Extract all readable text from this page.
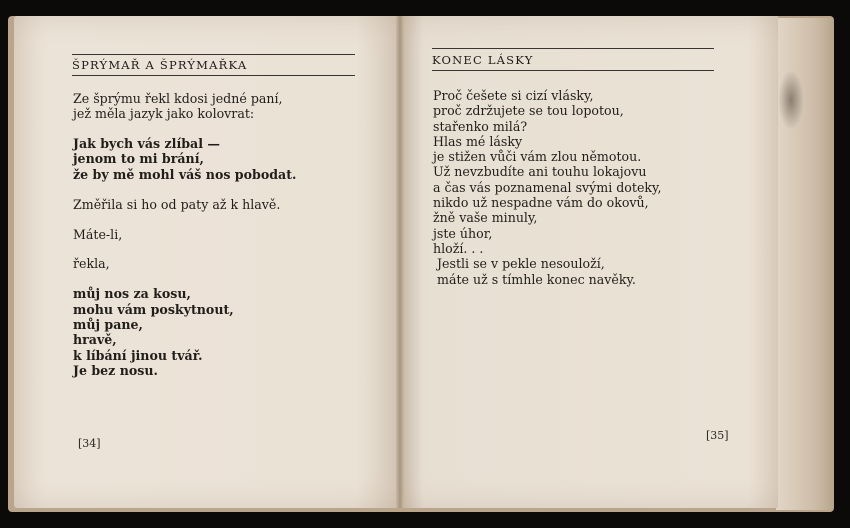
ŠPRÝMAŘ A ŠPRÝMAŘKA
Ze šprýmu řekl kdosi jedné paní,
jež měla jazyk jako kolovrat:
Jak bych vás zlíbal —
jenom to mi brání,
že by mě mohl váš nos pobodat.
Změřila si ho od paty až k hlavě.
Máte-li,
řekla,
můj nos za kosu,
mohu vám poskytnout,
můj pane,
hravě,
k líbání jinou tvář.
Je bez nosu.
[34]
KONEC LÁSKY
Proč češete si cizí vlásky,
proč zdržujete se tou lopotou,
stařenko milá?
Hlas mé lásky
je stižen vůči vám zlou němotou.
Už nevzbudíte ani touhu lokajovu
a čas vás poznamenal svými doteky,
nikdo už nespadne vám do okovů,
žně vaše minuly,
jste úhor,
hloží. . .
Jestli se v pekle nesouloží,
máte už s tímhle konec navěky.
[35]
